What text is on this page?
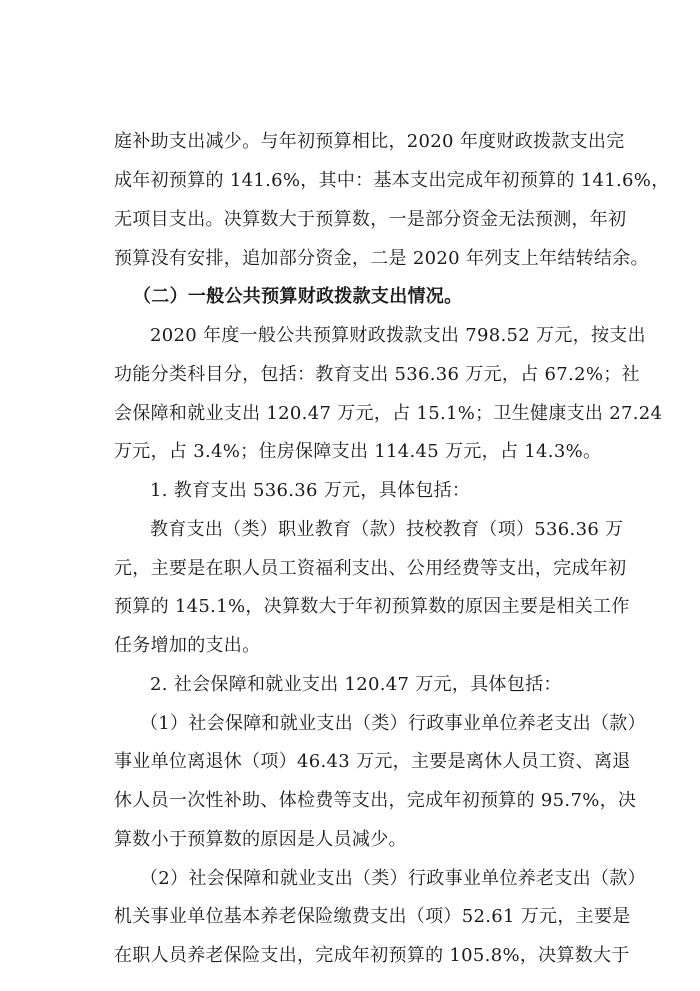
庭补助支出减少。与年初预算相比，2020 年度财政拨款支出完
成年初预算的 141.6%，其中：基本支出完成年初预算的 141.6%，
无项目支出。决算数大于预算数，一是部分资金无法预测，年初
预算没有安排，追加部分资金，二是 2020 年列支上年结转结余。
（二）一般公共预算财政拨款支出情况。
2020 年度一般公共预算财政拨款支出 798.52 万元，按支出
功能分类科目分，包括：教育支出 536.36 万元，占 67.2%；社
会保障和就业支出 120.47 万元，占 15.1%；卫生健康支出 27.24
万元，占 3.4%；住房保障支出 114.45 万元，占 14.3%。
1. 教育支出 536.36 万元，具体包括：
教育支出（类）职业教育（款）技校教育（项）536.36 万
元，主要是在职人员工资福利支出、公用经费等支出，完成年初
预算的 145.1%，决算数大于年初预算数的原因主要是相关工作
任务增加的支出。
2. 社会保障和就业支出 120.47 万元，具体包括：
（1）社会保障和就业支出（类）行政事业单位养老支出（款）
事业单位离退休（项）46.43 万元，主要是离休人员工资、离退
休人员一次性补助、体检费等支出，完成年初预算的 95.7%，决
算数小于预算数的原因是人员减少。
（2）社会保障和就业支出（类）行政事业单位养老支出（款）
机关事业单位基本养老保险缴费支出（项）52.61 万元，主要是
在职人员养老保险支出，完成年初预算的 105.8%，决算数大于
